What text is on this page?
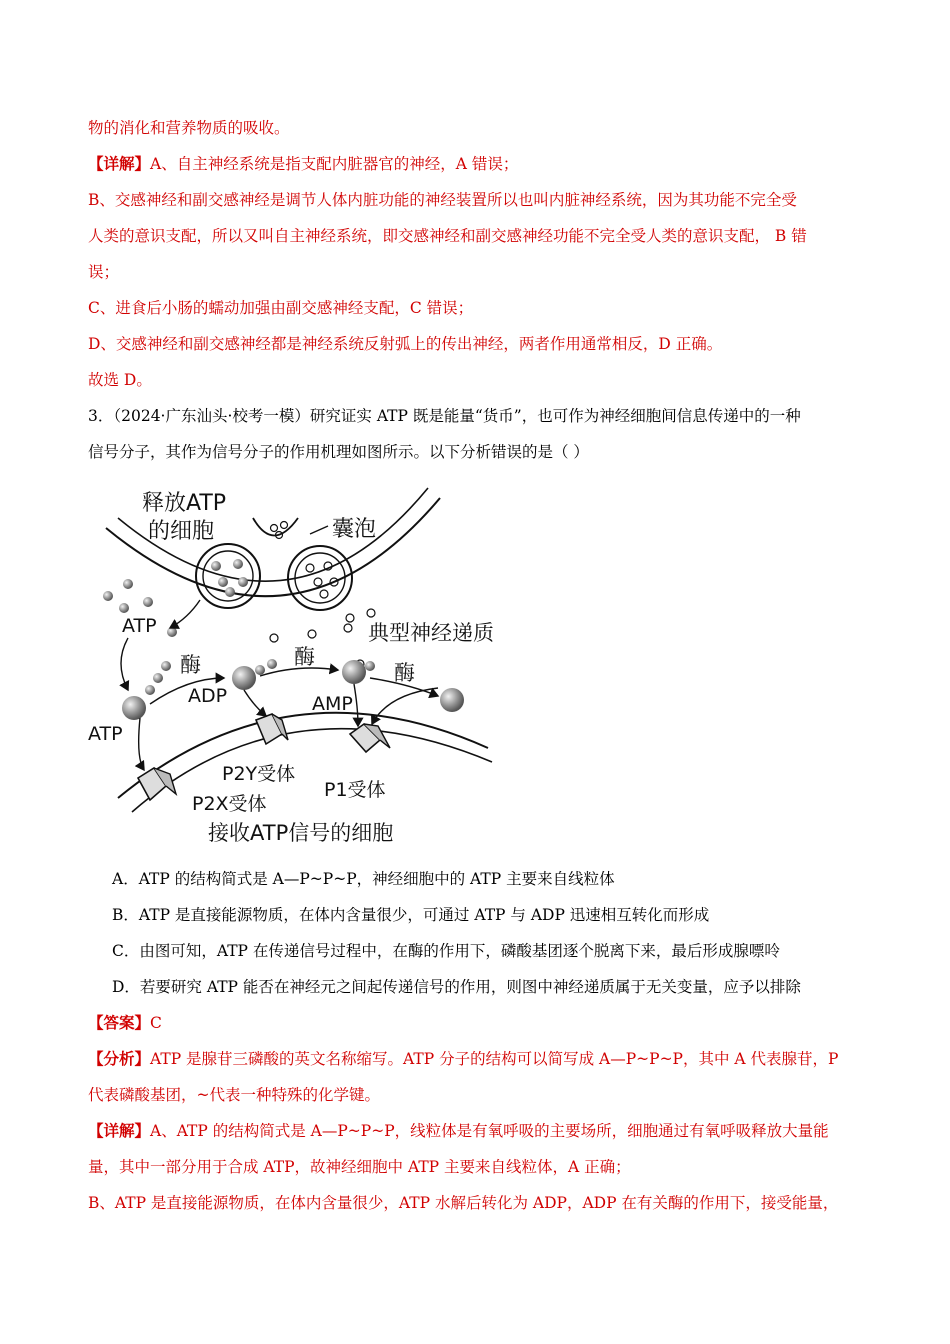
物的消化和营养物质的吸收。
【详解】A、自主神经系统是指支配内脏器官的神经，A 错误；
B、交感神经和副交感神经是调节人体内脏功能的神经装置所以也叫内脏神经系统，因为其功能不完全受
人类的意识支配，所以又叫自主神经系统，即交感神经和副交感神经功能不完全受人类的意识支配， B 错
误；
C、进食后小肠的蠕动加强由副交感神经支配，C 错误；
D、交感神经和副交感神经都是神经系统反射弧上的传出神经，两者作用通常相反，D 正确。
故选 D。
3．（2024·广东汕头·校考一模）研究证实 ATP 既是能量“货币”，也可作为神经细胞间信息传递中的一种
信号分子，其作为信号分子的作用机理如图所示。以下分析错误的是（ ）
释放ATP
的细胞	囊泡
ATP	典型神经递质
酶
ADP
酶
AMP
酶
ATP
P2Y受体
P1受体
P2X受体
接收ATP信号的细胞
A．ATP 的结构简式是 A—P~P~P，神经细胞中的 ATP 主要来自线粒体
B．ATP 是直接能源物质，在体内含量很少，可通过 ATP 与 ADP 迅速相互转化而形成
C．由图可知，ATP 在传递信号过程中，在酶的作用下，磷酸基团逐个脱离下来，最后形成腺嘌呤
D．若要研究 ATP 能否在神经元之间起传递信号的作用，则图中神经递质属于无关变量，应予以排除
【答案】C
【分析】ATP 是腺苷三磷酸的英文名称缩写。ATP 分子的结构可以简写成 A—P~P~P，其中 A 代表腺苷，P
代表磷酸基团，~代表一种特殊的化学键。
【详解】A、ATP 的结构简式是 A—P~P~P，线粒体是有氧呼吸的主要场所，细胞通过有氧呼吸释放大量能
量，其中一部分用于合成 ATP，故神经细胞中 ATP 主要来自线粒体，A 正确；
B、ATP 是直接能源物质，在体内含量很少，ATP 水解后转化为 ADP，ADP 在有关酶的作用下，接受能量，
